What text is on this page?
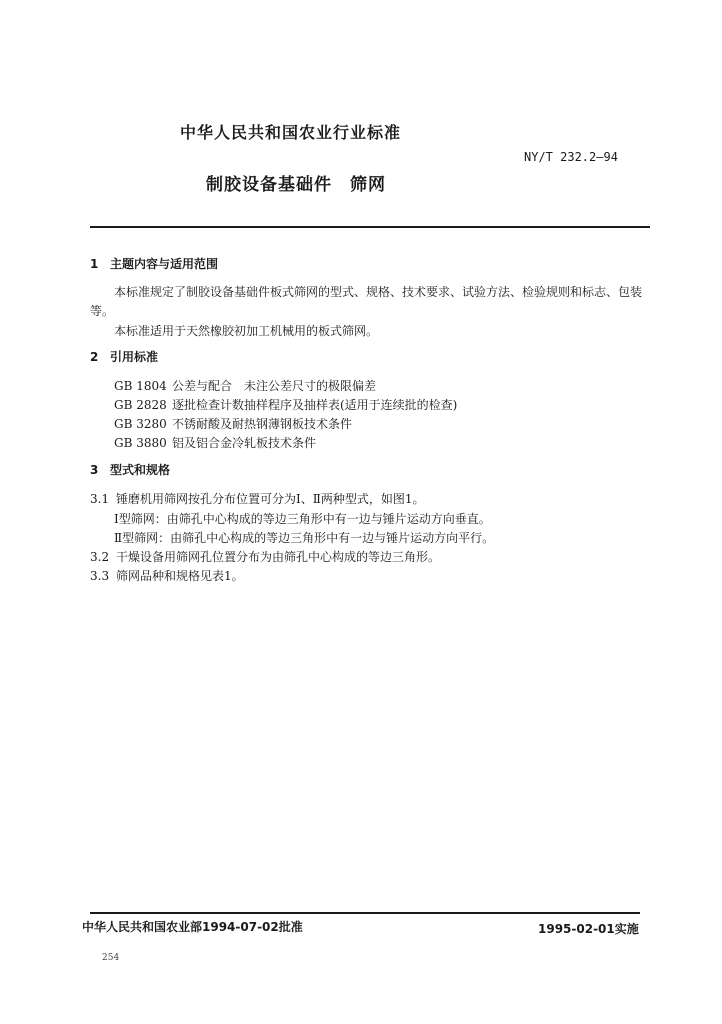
中华人民共和国农业行业标准
NY/T 232.2—94
制胶设备基础件　筛网
1 主题内容与适用范围
本标准规定了制胶设备基础件板式筛网的型式、规格、技术要求、试验方法、检验规则和标志、包装
等。
本标准适用于天然橡胶初加工机械用的板式筛网。
2 引用标准
GB 1804 公差与配合　未注公差尺寸的极限偏差
GB 2828 逐批检查计数抽样程序及抽样表(适用于连续批的检查)
GB 3280 不锈耐酸及耐热钢薄钢板技术条件
GB 3880 铝及铝合金冷轧板技术条件
3 型式和规格
3.1 锤磨机用筛网按孔分布位置可分为Ⅰ、Ⅱ两种型式，如图1。
Ⅰ型筛网：由筛孔中心构成的等边三角形中有一边与锤片运动方向垂直。
Ⅱ型筛网：由筛孔中心构成的等边三角形中有一边与锤片运动方向平行。
3.2 干燥设备用筛网孔位置分布为由筛孔中心构成的等边三角形。
3.3 筛网品种和规格见表1。
中华人民共和国农业部1994-07-02批准	1995-02-01实施
254
